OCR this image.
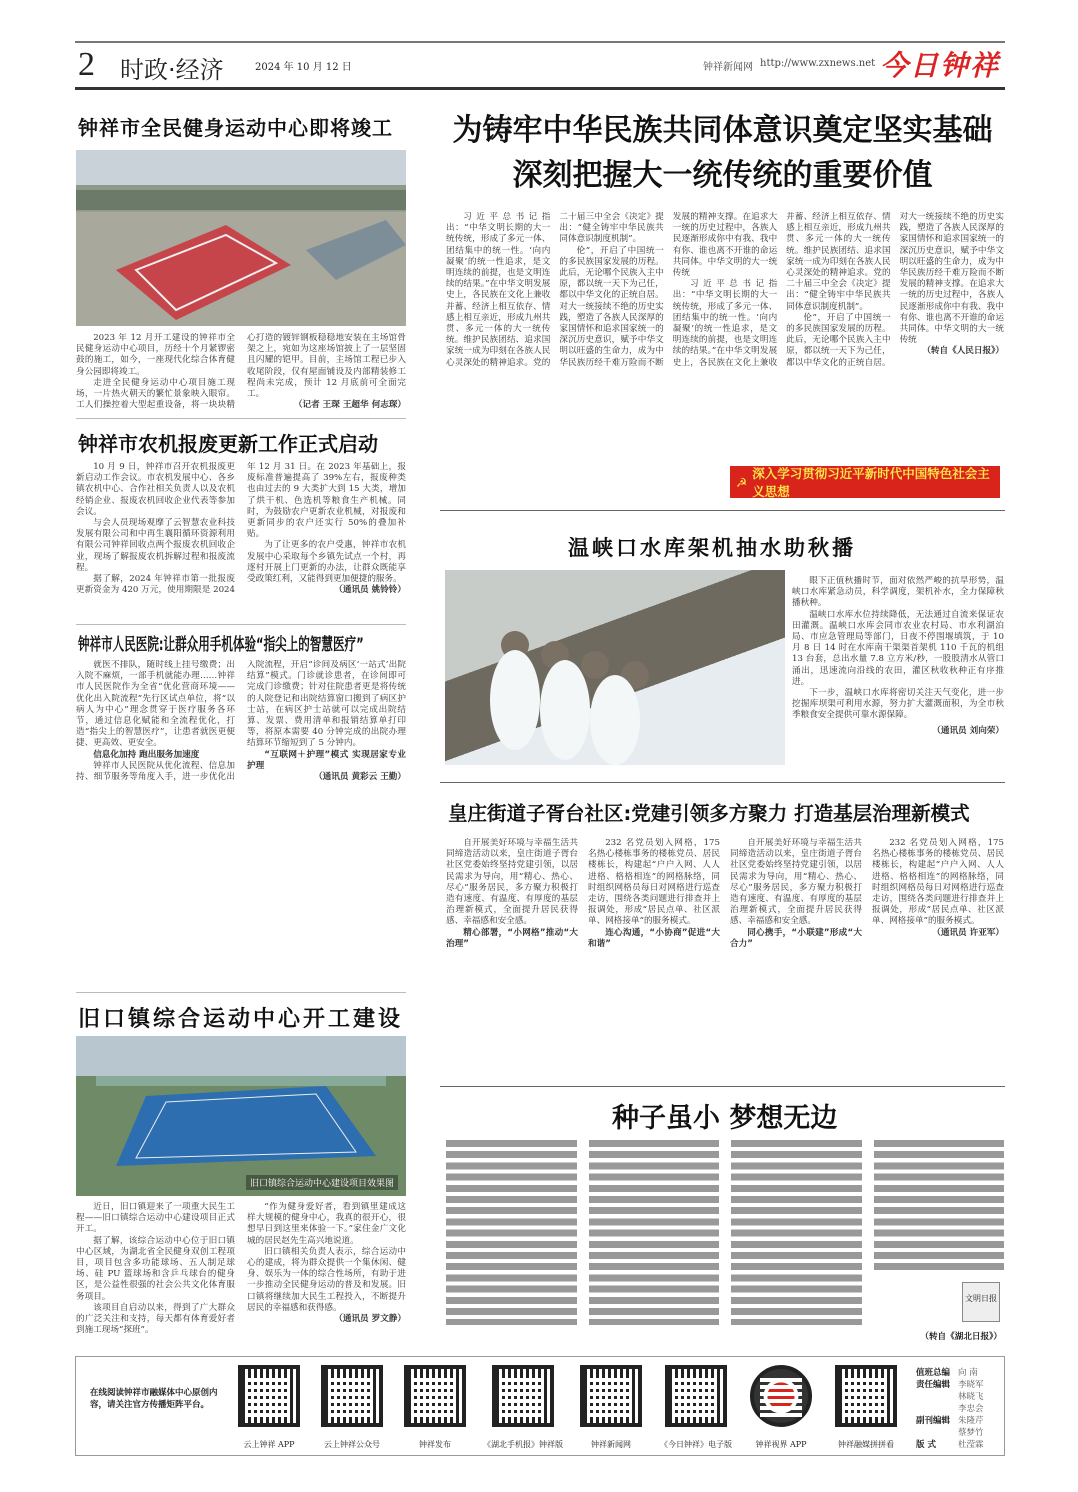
2 时政·经济	2024 年 10 月 12 日	钟祥新闻网 http://www.zxnews.net 今日钟祥
钟祥市全民健身运动中心即将竣工

2023 年 12 月开工建设的钟祥市全民健身运动中心项目，历经十个月紧锣密鼓的施工，如今，一座现代化综合体育健身公园即将竣工。

走进全民健身运动中心项目施工现场，一片热火朝天的繁忙景象映入眼帘。工人们操控着大型起重设备，将一块块精心打造的镀锌钢板稳稳地安装在主场馆骨架之上，宛如为这座场馆披上了一层坚固且闪耀的铠甲。目前，主场馆工程已步入收尾阶段，仅有屋面铺设及内部精装修工程尚未完成，预计 12 月底前可全面完工。

（记者 王琛 王超华 何志琛）

钟祥市农机报废更新工作正式启动

10 月 9 日，钟祥市召开农机报废更新启动工作会议。市农机发展中心、各乡镇农机中心、合作社相关负责人以及农机经销企业、报废农机回收企业代表等参加会议。

与会人员现场观摩了云智慧农业科技发展有限公司和中再生襄阳循环资源利用有限公司钟祥回收点两个报废农机回收企业，现场了解报废农机拆解过程和报废流程。

据了解，2024 年钟祥市第一批报废更新资金为 420 万元，使用期限是 2024 年 12 月 31 日。在 2023 年基础上，报废标准普遍提高了 39%左右，报废种类也由过去的 9 大类扩大到 15 大类，增加了烘干机、色选机等粮食生产机械。同时，为鼓励农户更新农业机械，对报废和更新同步的农户还实行 50%的叠加补贴。

为了让更多的农户受惠，钟祥市农机发展中心采取每个乡镇先试点一个村，再逐村开展上门更新的办法，让群众既能享受政策红利，又能得到更加便捷的服务。

（通讯员 姚铃铃）

钟祥市人民医院:让群众用手机体验“指尖上的智慧医疗”

就医不排队，随时线上挂号缴费；出入院不麻烦，一部手机就能办理……钟祥市人民医院作为全省“优化营商环境——优化出入院流程”先行区试点单位，将“以病人为中心”理念贯穿于医疗服务各环节，通过信息化赋能和全流程优化，打造“指尖上的智慧医疗”，让患者就医更便捷、更高效、更安全。

信息化加持 跑出服务加速度

钟祥市人民医院从优化流程、信息加持、细节服务等角度入手，进一步优化出入院流程，开启“诊间及病区‘一站式’出院结算”模式。门诊就诊患者，在诊间即可完成门诊缴费；针对住院患者更是将传统的人院登记和出院结算窗口搬到了病区护士站，在病区护士站就可以完成出院结算、发票、费用清单和报销结算单打印等，将原本需要 40 分钟完成的出院办理结算环节缩短到了 5 分钟内。

“互联网＋护理”模式 实现居家专业护理

（通讯员 黄彩云 王勤）

旧口镇综合运动中心开工建设
旧口镇综合运动中心建设项目效果图

近日，旧口镇迎来了一项重大民生工程——旧口镇综合运动中心建设项目正式开工。

据了解，该综合运动中心位于旧口镇中心区域，为湖北省全民健身双创工程项目，项目包含多功能球场、五人制足球场、硅 PU 篮球场和含乒乓球台的健身区，是公益性很强的社会公共文化体育服务项目。

该项目自启动以来，得到了广大群众的广泛关注和支持，每天都有体育爱好者到施工现场“探班”。

“作为健身爱好者，看到镇里建成这样大规模的健身中心，我真的很开心，很想早日到这里来体验一下。”家住金广文化城的居民赵先生高兴地说道。

旧口镇相关负责人表示，综合运动中心的建成，将为群众提供一个集休闲、健身、娱乐为一体的综合性场所，有助于进一步推动全民健身运动的普及和发展。旧口镇将继续加大民生工程投入，不断提升居民的幸福感和获得感。

（通讯员 罗文静）

为铸牢中华民族共同体意识奠定坚实基础
深刻把握大一统传统的重要价值

习近平总书记指出：“中华文明长期的大一统传统，形成了多元一体、团结集中的统一性。‘向内凝聚’的统一性追求，是文明连续的前提，也是文明连续的结果。”在中华文明发展史上，各民族在文化上兼收并蓄、经济上相互依存、情感上相互亲近，形成九州共贯、多元一体的大一统传统。维护民族团结、追求国家统一成为印刻在各族人民心灵深处的精神追求。党的二十届三中全会《决定》提出：“健全铸牢中华民族共同体意识制度机制”。

伦”，开启了中国统一的多民族国家发展的历程。此后，无论哪个民族入主中原，都以统一天下为己任，都以中华文化的正统自居。对大一统接续不绝的历史实践，塑造了各族人民深厚的家国情怀和追求国家统一的深沉历史意识，赋予中华文明以旺盛的生命力，成为中华民族历经千难万险而不断发展的精神支撑。在追求大一统的历史过程中，各族人民逐渐形成你中有我、我中有你、谁也离不开谁的命运共同体。中华文明的大一统传统

习近平总书记指出：“中华文明长期的大一统传统，形成了多元一体、团结集中的统一性。‘向内凝聚’的统一性追求，是文明连续的前提，也是文明连续的结果。”在中华文明发展史上，各民族在文化上兼收并蓄、经济上相互依存、情感上相互亲近，形成九州共贯、多元一体的大一统传统。维护民族团结、追求国家统一成为印刻在各族人民心灵深处的精神追求。党的二十届三中全会《决定》提出：“健全铸牢中华民族共同体意识制度机制”。

伦”，开启了中国统一的多民族国家发展的历程。此后，无论哪个民族入主中原，都以统一天下为己任，都以中华文化的正统自居。对大一统接续不绝的历史实践，塑造了各族人民深厚的家国情怀和追求国家统一的深沉历史意识，赋予中华文明以旺盛的生命力，成为中华民族历经千难万险而不断发展的精神支撑。在追求大一统的历史过程中，各族人民逐渐形成你中有我、我中有你、谁也离不开谁的命运共同体。中华文明的大一统传统

（转自《人民日报》）

☭
深入学习贯彻习近平新时代中国特色社会主义思想
温峡口水库架机抽水助秋播

眼下正值秋播时节，面对依然严峻的抗旱形势，温峡口水库紧急动员，科学调度，架机补水，全力保障秋播秋种。

温峡口水库水位持续降低，无法通过自流来保证农田灌溉。温峡口水库会同市农业农村局、市水利湖泊局、市应急管理局等部门，日夜不停围堰填筑，于 10 月 8 日 14 时在水库南干渠渠首架机 110 千瓦的机组 13 台套，总出水量 7.8 立方米/秒，一股股清水从管口涌出，迅速流向沿线的农田，灌区秋收秋种正有序推进。

下一步，温峡口水库将密切关注天气变化，进一步挖掘库坝渠可利用水源，努力扩大灌溉面积，为全市秋季粮食安全提供可靠水源保障。

（通讯员 刘向荣）

皇庄街道子胥台社区:党建引领多方聚力 打造基层治理新模式

自开展美好环境与幸福生活共同缔造活动以来，皇庄街道子胥台社区党委始终坚持党建引领，以居民需求为导向，用“精心、热心、尽心”服务居民，多方聚力积极打造有速度、有温度、有厚度的基层治理新模式，全面提升居民获得感、幸福感和安全感。

精心部署，“小网格”推动“大治理”

232 名党员划入网格，175 名热心楼栋事务的楼栋党员、居民楼栋长，构建起“户户入网、人人进格、格格相连”的网格脉络，同时组织网格员每日对网格进行巡查走访，围绕各类问题进行排查并上报调处，形成“居民点单、社区派单、网格接单”的服务模式。

连心沟通，“小协商”促进“大和谐”

自开展美好环境与幸福生活共同缔造活动以来，皇庄街道子胥台社区党委始终坚持党建引领，以居民需求为导向，用“精心、热心、尽心”服务居民，多方聚力积极打造有速度、有温度、有厚度的基层治理新模式，全面提升居民获得感、幸福感和安全感。

同心携手，“小联建”形成“大合力”

232 名党员划入网格，175 名热心楼栋事务的楼栋党员、居民楼栋长，构建起“户户入网、人人进格、格格相连”的网格脉络，同时组织网格员每日对网格进行巡查走访，围绕各类问题进行排查并上报调处，形成“居民点单、社区派单、网格接单”的服务模式。

（通讯员 许亚军）

种子虽小 梦想无边
文明日报
（转自《湖北日报》）
在线阅读钟祥市融媒体中心原创内容，请关注官方传播矩阵平台。
云上钟祥 APP	云上钟祥公众号	钟祥发布	《湖北手机报》钟祥版	钟祥新闻网	《今日钟祥》电子版	钟祥视界 APP	钟祥融媒拼拼看
值班总编 向 南
责任编辑 李晓军 林晓飞 李忠会
副刊编辑 朱隆芹 蔡梦竹
版 式	杜滢霖
